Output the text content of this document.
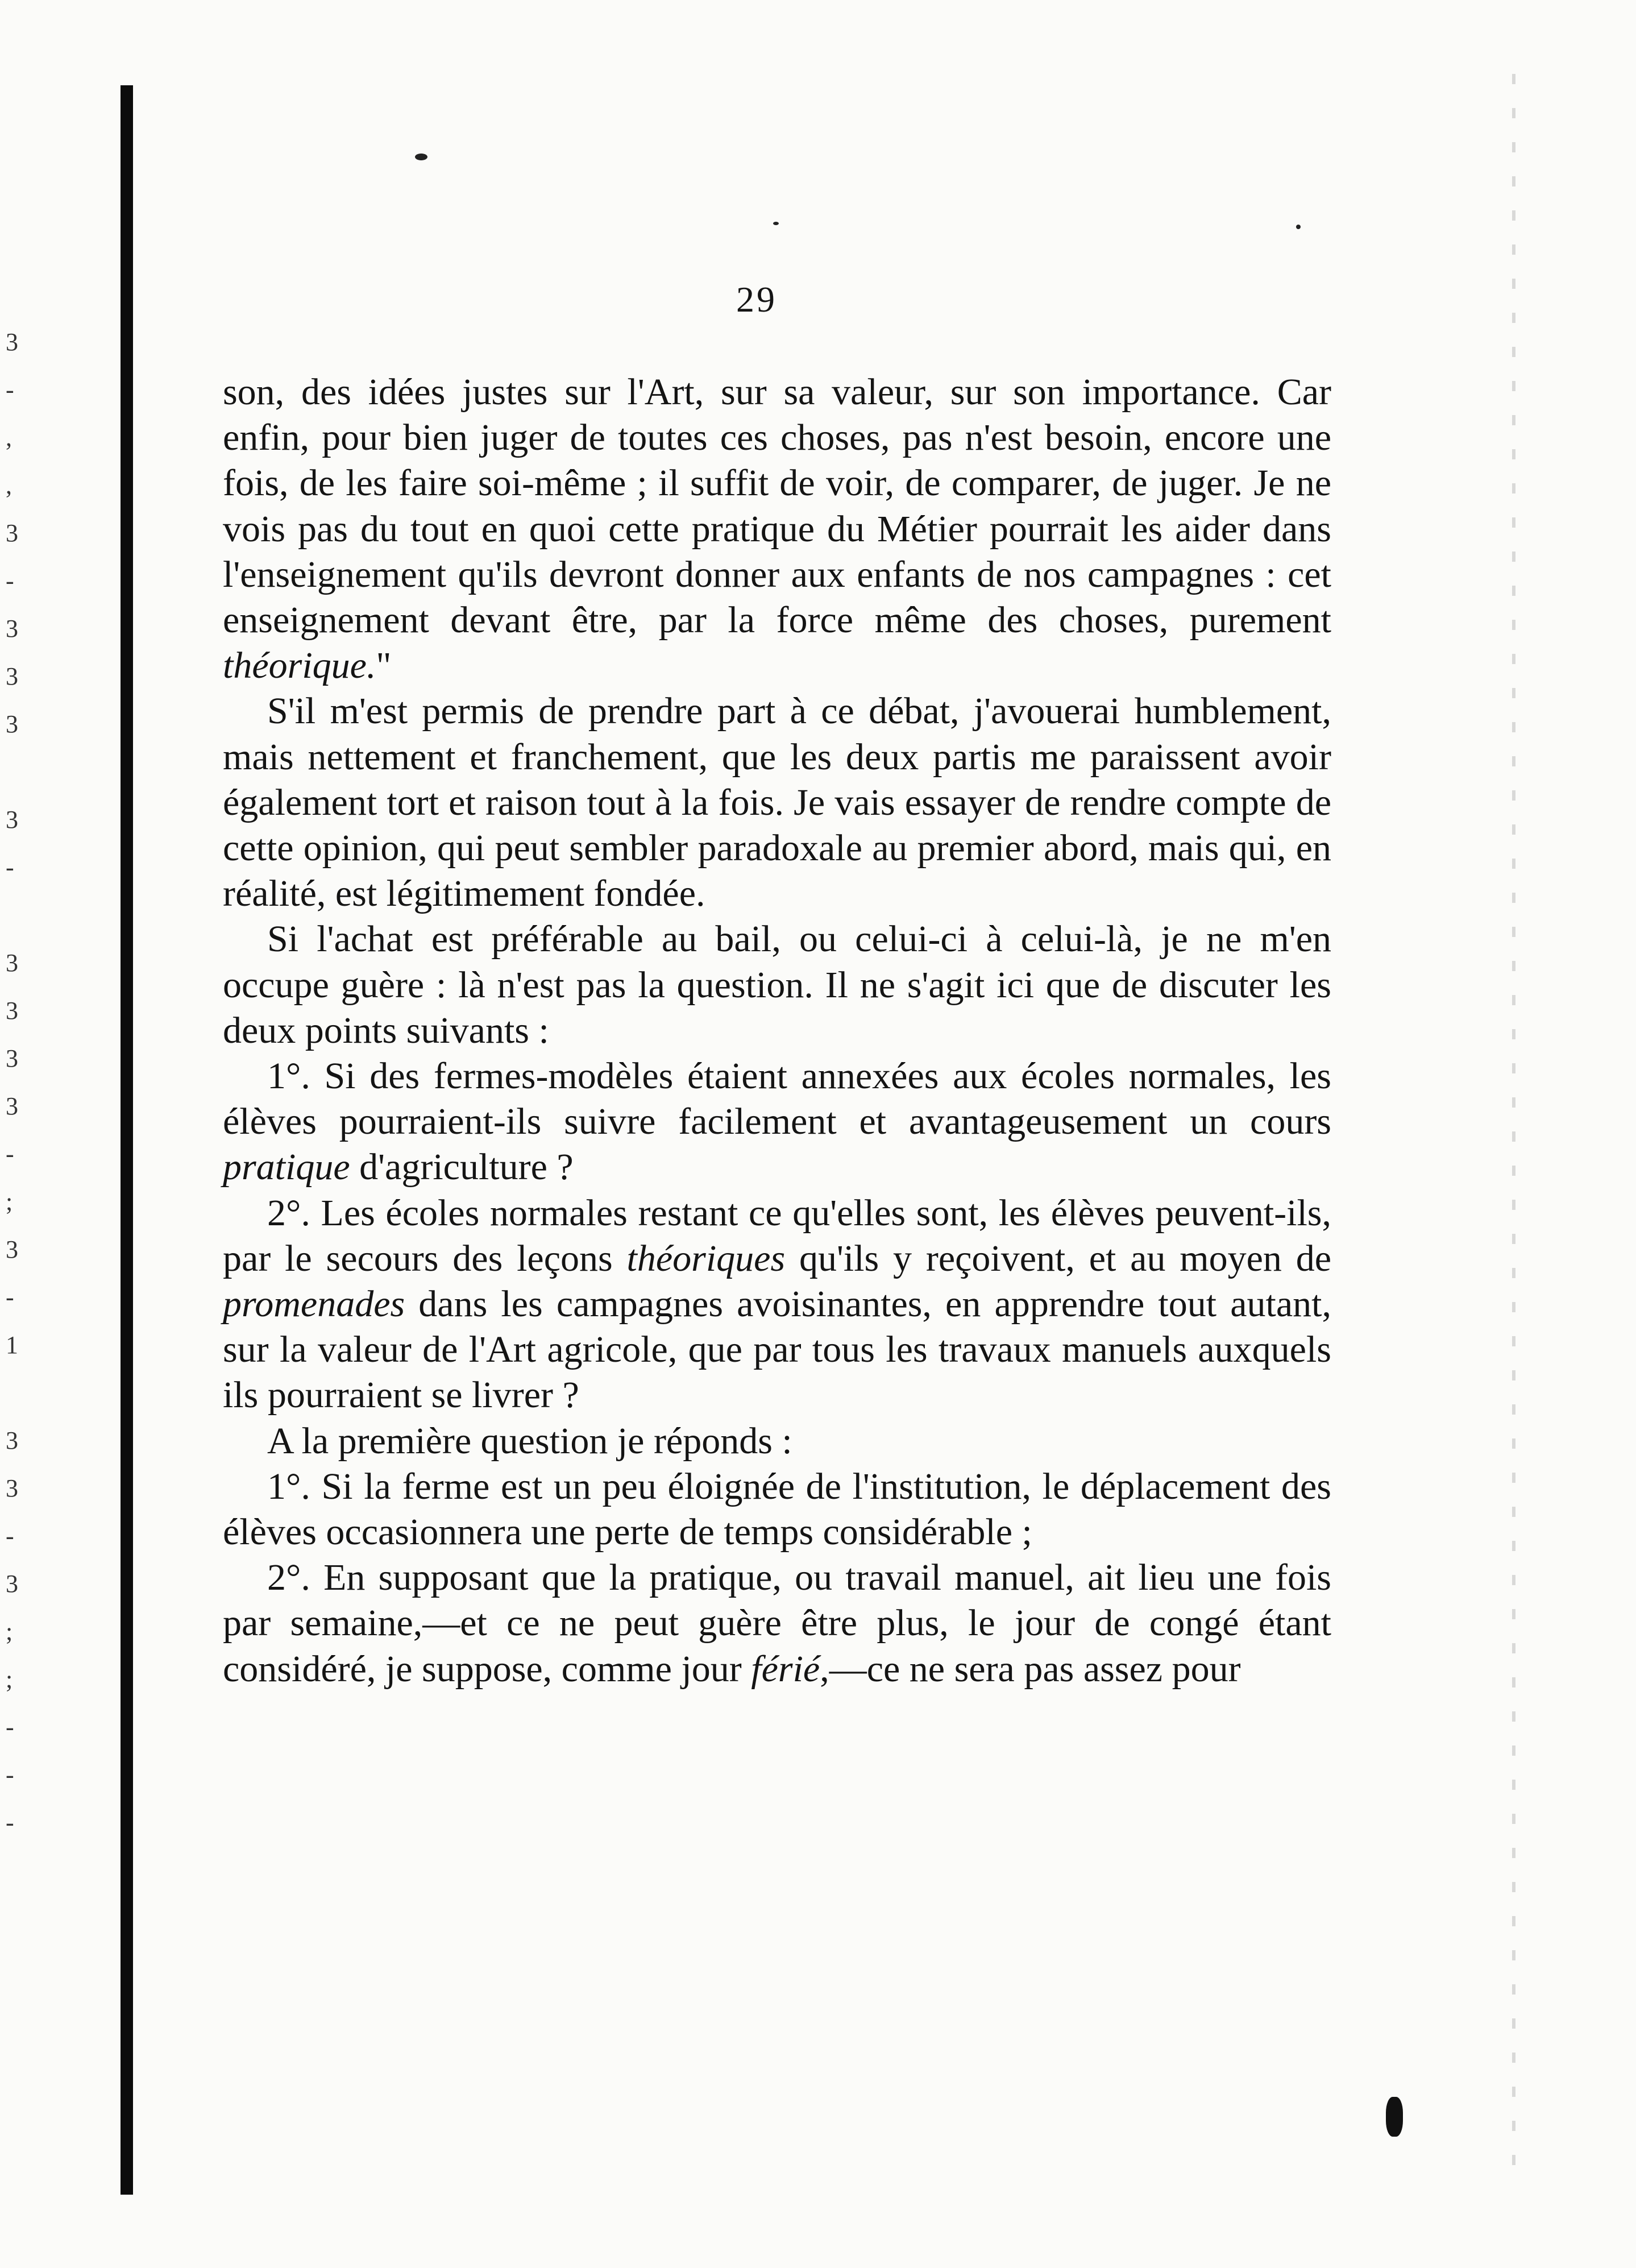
3
-
,
,
3
-
3
3
3

3
-

3
3
3
3
-
;
3
-
1

3
3
-
3
;
;
-
-
-
29

son, des idées justes sur l'Art, sur sa valeur, sur son importance. Car enfin, pour bien juger de toutes ces choses, pas n'est besoin, encore une fois, de les faire soi-même ; il suffit de voir, de comparer, de juger. Je ne vois pas du tout en quoi cette pratique du Métier pourrait les aider dans l'enseignement qu'ils devront donner aux enfants de nos campagnes : cet enseignement devant être, par la force même des choses, purement théorique."

S'il m'est permis de prendre part à ce débat, j'avouerai humblement, mais nettement et franchement, que les deux partis me paraissent avoir également tort et raison tout à la fois. Je vais essayer de rendre compte de cette opinion, qui peut sembler paradoxale au premier abord, mais qui, en réalité, est légitimement fondée.

Si l'achat est préférable au bail, ou celui-ci à celui-là, je ne m'en occupe guère : là n'est pas la question. Il ne s'agit ici que de discuter les deux points suivants :

1°. Si des fermes-modèles étaient annexées aux écoles normales, les élèves pourraient-ils suivre facilement et avantageusement un cours pratique d'agriculture ?

2°. Les écoles normales restant ce qu'elles sont, les élèves peuvent-ils, par le secours des leçons théoriques qu'ils y reçoivent, et au moyen de promenades dans les campagnes avoisinantes, en apprendre tout autant, sur la valeur de l'Art agricole, que par tous les travaux manuels auxquels ils pourraient se livrer ?

A la première question je réponds :

1°. Si la ferme est un peu éloignée de l'institution, le déplacement des élèves occasionnera une perte de temps considérable ;

2°. En supposant que la pratique, ou travail manuel, ait lieu une fois par semaine,—et ce ne peut guère être plus, le jour de congé étant considéré, je suppose, comme jour férié,—ce ne sera pas assez pour
